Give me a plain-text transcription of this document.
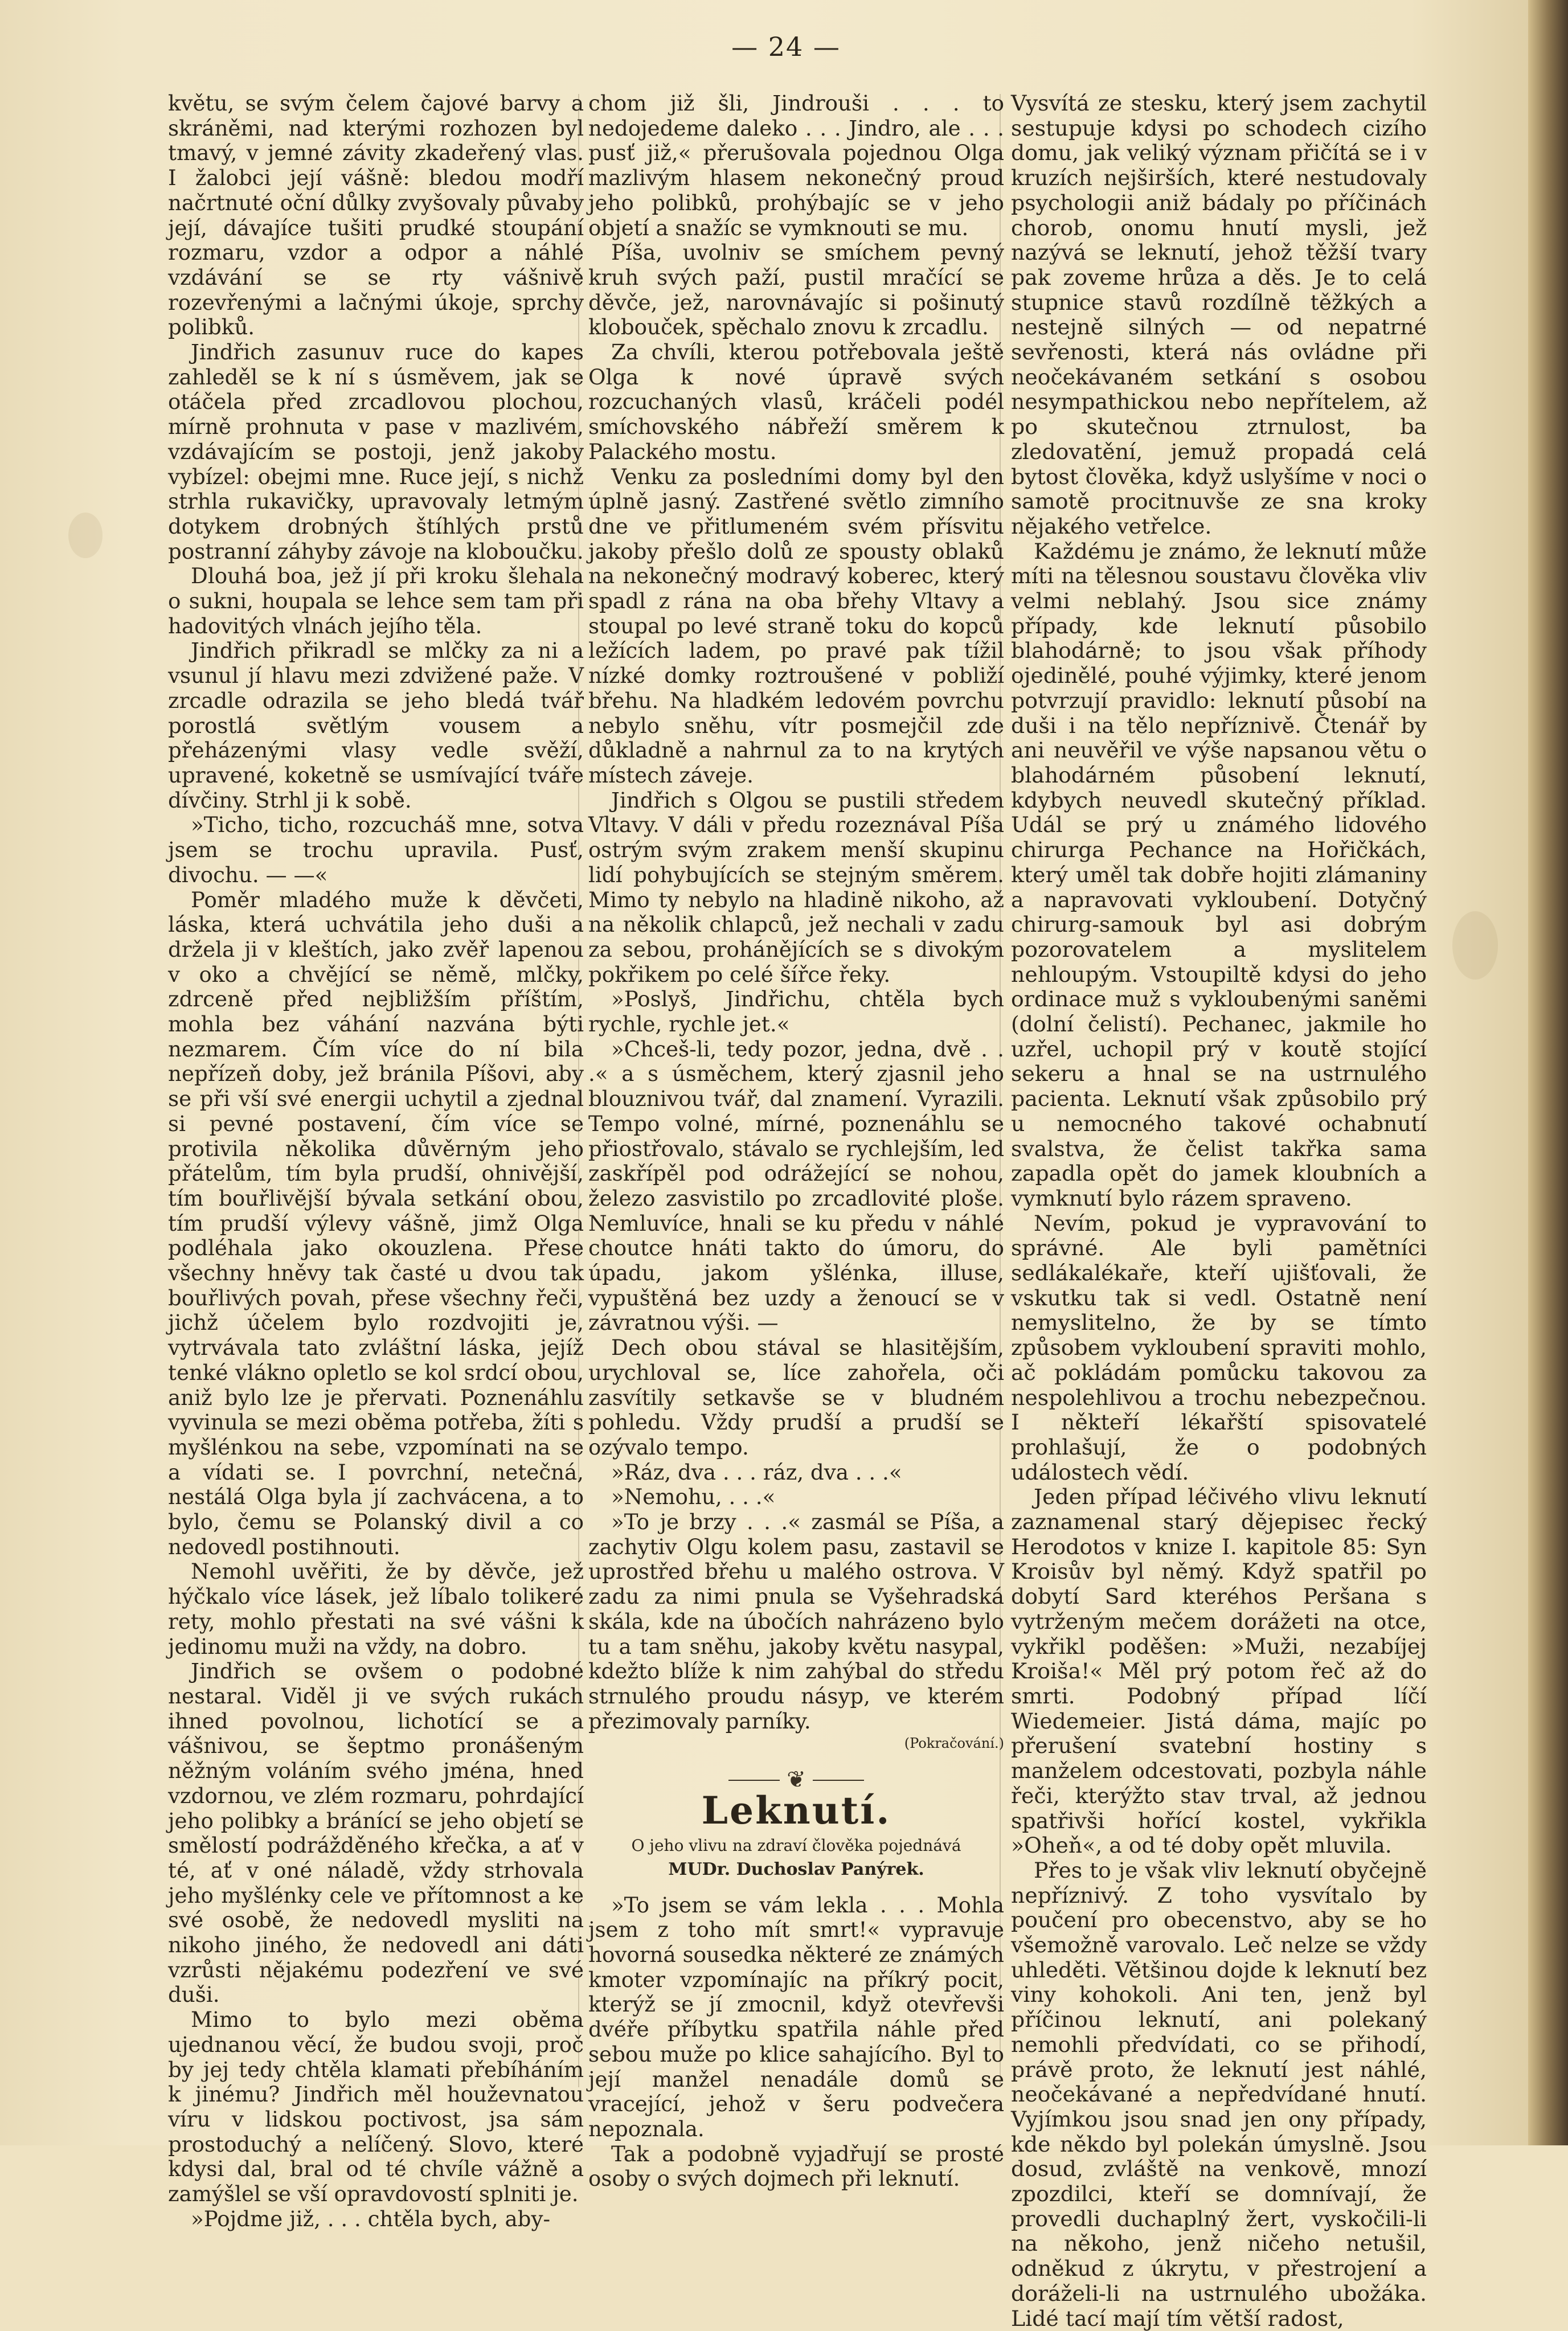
— 24 —

květu, se svým čelem čajové barvy a skráněmi, nad kterými rozhozen byl tmavý, v jemné závity zkadeřený vlas. I žalobci její vášně: bledou modří načrtnuté oční důlky zvyšovaly půvaby její, dávajíce tušiti prudké stoupání rozmaru, vzdor a odpor a náhlé vzdávání se se rty vášnivě rozevřenými a lačnými úkoje, sprchy polibků.

Jindřich zasunuv ruce do kapes zahleděl se k ní s úsměvem, jak se otáčela před zrcadlovou plochou, mírně prohnuta v pase v mazlivém, vzdávajícím se postoji, jenž jakoby vybízel: obejmi mne. Ruce její, s nichž strhla rukavičky, upravovaly letmým dotykem drobných štíhlých prstů postranní záhyby závoje na kloboučku.

Dlouhá boa, jež jí při kroku šlehala o sukni, houpala se lehce sem tam při hadovitých vlnách jejího těla.

Jindřich přikradl se mlčky za ni a vsunul jí hlavu mezi zdvižené paže. V zrcadle odrazila se jeho bledá tvář porostlá světlým vousem a přeházenými vlasy vedle svěží, upravené, koketně se usmívající tváře dívčiny. Strhl ji k sobě.

»Ticho, ticho, rozcucháš mne, sotva jsem se trochu upravila. Pusť, divochu. — —«

Poměr mladého muže k děvčeti, láska, která uchvátila jeho duši a držela ji v kleštích, jako zvěř lapenou v oko a chvějící se němě, mlčky, zdrceně před nejbližším příštím, mohla bez váhání nazvána býti nezmarem. Čím více do ní bila nepřízeň doby, jež bránila Píšovi, aby se při vší své energii uchytil a zjednal si pevné postavení, čím více se protivila několika důvěrným jeho přátelům, tím byla prudší, ohnivější, tím bouřlivější bývala setkání obou, tím prudší výlevy vášně, jimž Olga podléhala jako okouzlena. Přese všechny hněvy tak časté u dvou tak bouřlivých povah, přese všechny řeči, jichž účelem bylo rozdvojiti je, vytrvávala tato zvláštní láska, jejíž tenké vlákno opletlo se kol srdcí obou, aniž bylo lze je přervati. Poznenáhlu vyvinula se mezi oběma potřeba, žíti s myšlénkou na sebe, vzpomínati na se a vídati se. I povrchní, netečná, nestálá Olga byla jí zachvácena, a to bylo, čemu se Polanský divil a co nedovedl postihnouti.

Nemohl uvěřiti, že by děvče, jež hýčkalo více lásek, jež líbalo tolikeré rety, mohlo přestati na své vášni k jedinomu muži na vždy, na dobro.

Jindřich se ovšem o podobné nestaral. Viděl ji ve svých rukách ihned povolnou, lichotící se a vášnivou, se šeptmo pronášeným něžným voláním svého jména, hned vzdornou, ve zlém rozmaru, pohrdající jeho polibky a bránící se jeho objetí se smělostí podrážděného křečka, a ať v té, ať v oné náladě, vždy strhovala jeho myšlénky cele ve přítomnost a ke své osobě, že nedovedl mysliti na nikoho jiného, že nedovedl ani dáti vzrůsti nějakému podezření ve své duši.

Mimo to bylo mezi oběma ujednanou věcí, že budou svoji, proč by jej tedy chtěla klamati přebíháním k jinému? Jindřich měl houževnatou víru v lidskou poctivost, jsa sám prostoduchý a nelíčený. Slovo, které kdysi dal, bral od té chvíle vážně a zamýšlel se vší opravdovostí splniti je.

»Pojdme již, . . . chtěla bych, aby-

chom již šli, Jindrouši . . . to nedojedeme daleko . . . Jindro, ale . . . pusť již,« přerušovala pojednou Olga mazlivým hlasem nekonečný proud jeho polibků, prohýbajíc se v jeho objetí a snažíc se vymknouti se mu.

Píša, uvolniv se smíchem pevný kruh svých paží, pustil mračící se děvče, jež, narovnávajíc si pošinutý klobouček, spěchalo znovu k zrcadlu.

Za chvíli, kterou potřebovala ještě Olga k nové úpravě svých rozcuchaných vlasů, kráčeli podél smíchovského nábřeží směrem k Palackého mostu.

Venku za posledními domy byl den úplně jasný. Zastřené světlo zimního dne ve přitlumeném svém přísvitu jakoby přešlo dolů ze spousty oblaků na nekonečný modravý koberec, který spadl z rána na oba břehy Vltavy a stoupal po levé straně toku do kopců ležících ladem, po pravé pak tížil nízké domky roztroušené v pobliží břehu. Na hladkém ledovém povrchu nebylo sněhu, vítr posmejčil zde důkladně a nahrnul za to na krytých místech záveje.

Jindřich s Olgou se pustili středem Vltavy. V dáli v předu rozeznával Píša ostrým svým zrakem menší skupinu lidí pohybujících se stejným směrem. Mimo ty nebylo na hladině nikoho, až na několik chlapců, jež nechali v zadu za sebou, prohánějících se s divokým pokřikem po celé šířce řeky.

»Poslyš, Jindřichu, chtěla bych rychle, rychle jet.«

»Chceš-li, tedy pozor, jedna, dvě . . .« a s úsměchem, který zjasnil jeho blouznivou tvář, dal znamení. Vyrazili. Tempo volné, mírné, poznenáhlu se přiostřovalo, stávalo se rychlejším, led zaskřípěl pod odrážející se nohou, železo zasvistilo po zrcadlovité ploše. Nemluvíce, hnali se ku předu v náhlé choutce hnáti takto do úmoru, do úpadu, jakom yšlénka, illuse, vypuštěná bez uzdy a ženoucí se v závratnou výši. —

Dech obou stával se hlasitějším, urychloval se, líce zahořela, oči zasvítily setkavše se v bludném pohledu. Vždy prudší a prudší se ozývalo tempo.

»Ráz, dva . . . ráz, dva . . .«

»Nemohu, . . .«

»To je brzy . . .« zasmál se Píša, a zachytiv Olgu kolem pasu, zastavil se uprostřed břehu u malého ostrova. V zadu za nimi pnula se Vyšehradská skála, kde na úbočích nahrázeno bylo tu a tam sněhu, jakoby květu nasypal, kdežto blíže k nim zahýbal do středu strnulého proudu násyp, ve kterém přezimovaly parníky.

(Pokračování.)
❦
Leknutí.
O jeho vlivu na zdraví člověka pojednává
MUDr. Duchoslav Panýrek.

»To jsem se vám lekla . . . Mohla jsem z toho mít smrt!« vypravuje hovorná sousedka některé ze známých kmoter vzpomínajíc na příkrý pocit, kterýž se jí zmocnil, když otevřevši dvéře příbytku spatřila náhle před sebou muže po klice sahajícího. Byl to její manžel nenadále domů se vracející, jehož v šeru podvečera nepoznala.

Tak a podobně vyjadřují se prosté osoby o svých dojmech při leknutí.

Vysvítá ze stesku, který jsem zachytil sestupuje kdysi po schodech cizího domu, jak veliký význam přičítá se i v kruzích nejširších, které nestudovaly psychologii aniž bádaly po příčinách chorob, onomu hnutí mysli, jež nazývá se leknutí, jehož těžší tvary pak zoveme hrůza a děs. Je to celá stupnice stavů rozdílně těžkých a nestejně silných — od nepatrné sevřenosti, která nás ovládne při neočekávaném setkání s osobou nesympathickou nebo nepřítelem, až po skutečnou ztrnulost, ba zledovatění, jemuž propadá celá bytost člověka, když uslyšíme v noci o samotě procitnuvše ze sna kroky nějakého vetřelce.

Každému je známo, že leknutí může míti na tělesnou soustavu člověka vliv velmi neblahý. Jsou sice známy případy, kde leknutí působilo blahodárně; to jsou však příhody ojedinělé, pouhé výjimky, které jenom potvrzují pravidlo: leknutí působí na duši i na tělo nepříznivě. Čtenář by ani neuvěřil ve výše napsanou větu o blahodárném působení leknutí, kdybych neuvedl skutečný příklad. Udál se prý u známého lidového chirurga Pechance na Hořičkách, který uměl tak dobře hojiti zlámaniny a napravovati vykloubení. Dotyčný chirurg-samouk byl asi dobrým pozorovatelem a myslitelem nehloupým. Vstoupiltě kdysi do jeho ordinace muž s vykloubenými saněmi (dolní čelistí). Pechanec, jakmile ho uzřel, uchopil prý v koutě stojící sekeru a hnal se na ustrnulého pacienta. Leknutí však způsobilo prý u nemocného takové ochabnutí svalstva, že čelist takřka sama zapadla opět do jamek kloubních a vymknutí bylo rázem spraveno.

Nevím, pokud je vypravování to správné. Ale byli pamětníci sedlákalékaře, kteří ujišťovali, že vskutku tak si vedl. Ostatně není nemyslitelno, že by se tímto způsobem vykloubení spraviti mohlo, ač pokládám pomůcku takovou za nespolehlivou a trochu nebezpečnou. I někteří lékařští spisovatelé prohlašují, že o podobných událostech vědí.

Jeden případ léčivého vlivu leknutí zaznamenal starý dějepisec řecký Herodotos v knize I. kapitole 85: Syn Kroisův byl němý. Když spatřil po dobytí Sard kteréhos Peršana s vytrženým mečem dorážeti na otce, vykřikl poděšen: »Muži, nezabíjej Kroiša!« Měl prý potom řeč až do smrti. Podobný případ líčí Wiedemeier. Jistá dáma, majíc po přerušení svatební hostiny s manželem odcestovati, pozbyla náhle řeči, kterýžto stav trval, až jednou spatřivši hořící kostel, vykřikla »Oheň«, a od té doby opět mluvila.

Přes to je však vliv leknutí obyčejně nepříznivý. Z toho vysvítalo by poučení pro obecenstvo, aby se ho všemožně varovalo. Leč nelze se vždy uhleděti. Většinou dojde k leknutí bez viny kohokoli. Ani ten, jenž byl příčinou leknutí, ani polekaný nemohli předvídati, co se přihodí, právě proto, že leknutí jest náhlé, neočekávané a nepředvídané hnutí. Vyjímkou jsou snad jen ony případy, kde někdo byl polekán úmyslně. Jsou dosud, zvláště na venkově, mnozí zpozdilci, kteří se domnívají, že provedli duchaplný žert, vyskočili-li na někoho, jenž ničeho netušil, odněkud z úkrytu, v přestrojení a doráželi-li na ustrnulého ubožáka. Lidé tací mají tím větší radost,
